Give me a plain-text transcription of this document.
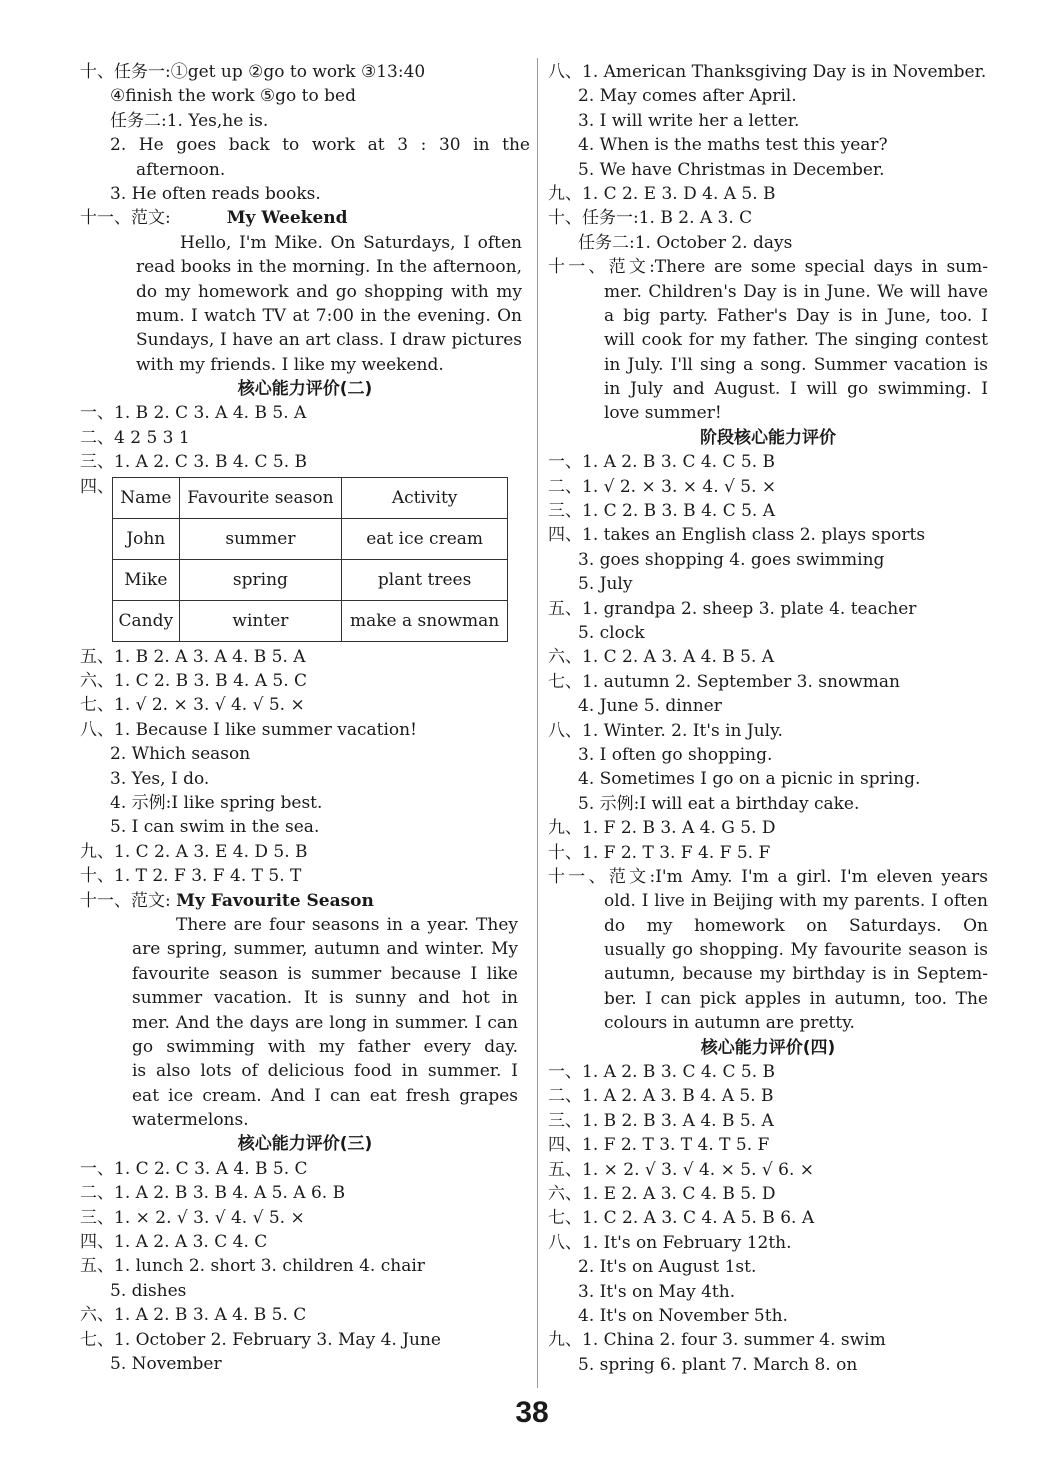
十、任务一:①get up ②go to work ③13:40
④finish the work ⑤go to bed
任务二:1. Yes,he is.
2. He goes back to work at 3 : 30 in the
afternoon.
3. He often reads books.
十一、范文:	My Weekend
Hello, I'm Mike. On Saturdays, I often
read books in the morning. In the afternoon,
do my homework and go shopping with my
mum. I watch TV at 7:00 in the evening. On
Sundays, I have an art class. I draw pictures
with my friends. I like my weekend.
核心能力评价(二)
一、1. B 2. C 3. A 4. B 5. A
二、4 2 5 3 1
三、1. A 2. C 3. B 4. C 5. B
四、
Name	Favourite season	Activity
John	summer	eat ice cream
Mike	spring	plant trees
Candy	winter	make a snowman
五、1. B 2. A 3. A 4. B 5. A
六、1. C 2. B 3. B 4. A 5. C
七、1. √ 2. × 3. √ 4. √ 5. ×
八、1. Because I like summer vacation!
2. Which season
3. Yes, I do.
4. 示例:I like spring best.
5. I can swim in the sea.
九、1. C 2. A 3. E 4. D 5. B
十、1. T 2. F 3. F 4. T 5. T
十一、范文: My Favourite Season
There are four seasons in a year. They
are spring, summer, autumn and winter. My
favourite season is summer because I like
summer vacation. It is sunny and hot in
mer. And the days are long in summer. I can
go swimming with my father every day.
is also lots of delicious food in summer. I
eat ice cream. And I can eat fresh grapes
watermelons.
核心能力评价(三)
一、1. C 2. C 3. A 4. B 5. C
二、1. A 2. B 3. B 4. A 5. A 6. B
三、1. × 2. √ 3. √ 4. √ 5. ×
四、1. A 2. A 3. C 4. C
五、1. lunch 2. short 3. children 4. chair
5. dishes
六、1. A 2. B 3. A 4. B 5. C
七、1. October 2. February 3. May 4. June
5. November
八、1. American Thanksgiving Day is in November.
2. May comes after April.
3. I will write her a letter.
4. When is the maths test this year?
5. We have Christmas in December.
九、1. C 2. E 3. D 4. A 5. B
十、任务一:1. B 2. A 3. C
任务二:1. October 2. days
十一、范文:There are some special days in sum-
mer. Children's Day is in June. We will have
a big party. Father's Day is in June, too. I
will cook for my father. The singing contest
in July. I'll sing a song. Summer vacation is
in July and August. I will go swimming. I
love summer!
阶段核心能力评价
一、1. A 2. B 3. C 4. C 5. B
二、1. √ 2. × 3. × 4. √ 5. ×
三、1. C 2. B 3. B 4. C 5. A
四、1. takes an English class 2. plays sports
3. goes shopping 4. goes swimming
5. July
五、1. grandpa 2. sheep 3. plate 4. teacher
5. clock
六、1. C 2. A 3. A 4. B 5. A
七、1. autumn 2. September 3. snowman
4. June 5. dinner
八、1. Winter. 2. It's in July.
3. I often go shopping.
4. Sometimes I go on a picnic in spring.
5. 示例:I will eat a birthday cake.
九、1. F 2. B 3. A 4. G 5. D
十、1. F 2. T 3. F 4. F 5. F
十一、范文:I'm Amy. I'm a girl. I'm eleven years
old. I live in Beijing with my parents. I often
do my homework on Saturdays. On
usually go shopping. My favourite season is
autumn, because my birthday is in Septem-
ber. I can pick apples in autumn, too. The
colours in autumn are pretty.
核心能力评价(四)
一、1. A 2. B 3. C 4. C 5. B
二、1. A 2. A 3. B 4. A 5. B
三、1. B 2. B 3. A 4. B 5. A
四、1. F 2. T 3. T 4. T 5. F
五、1. × 2. √ 3. √ 4. × 5. √ 6. ×
六、1. E 2. A 3. C 4. B 5. D
七、1. C 2. A 3. C 4. A 5. B 6. A
八、1. It's on February 12th.
2. It's on August 1st.
3. It's on May 4th.
4. It's on November 5th.
九、1. China 2. four 3. summer 4. swim
5. spring 6. plant 7. March 8. on
38
